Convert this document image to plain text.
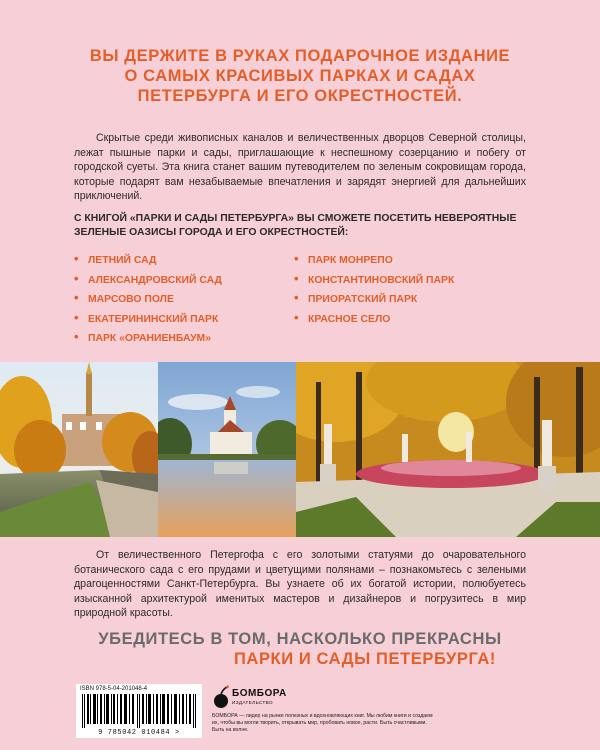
ВЫ ДЕРЖИТЕ В РУКАХ ПОДАРОЧНОЕ ИЗДАНИЕ
О САМЫХ КРАСИВЫХ ПАРКАХ И САДАХ
ПЕТЕРБУРГА И ЕГО ОКРЕСТНОСТЕЙ.

Скрытые среди живописных каналов и величественных дворцов Северной столицы, лежат пышные парки и сады, приглашающие к неспешному созерцанию и побегу от городской суеты. Эта книга станет вашим путеводителем по зеленым сокровищам города, которые подарят вам незабываемые впечатления и зарядят энергией для дальнейших приключений.

С КНИГОЙ «ПАРКИ И САДЫ ПЕТЕРБУРГА» ВЫ СМОЖЕТЕ ПОСЕТИТЬ НЕВЕРОЯТНЫЕ ЗЕЛЕНЫЕ ОАЗИСЫ ГОРОДА И ЕГО ОКРЕСТНОСТЕЙ:

• ЛЕТНИЙ САД
• АЛЕКСАНДРОВСКИЙ САД
• МАРСОВО ПОЛЕ
• ЕКАТЕРИНИНСКИЙ ПАРК
• ПАРК «ОРАНИЕНБАУМ»
• ПАРК МОНРЕПО
• КОНСТАНТИНОВСКИЙ ПАРК
• ПРИОРАТСКИЙ ПАРК
• КРАСНОЕ СЕЛО

От величественного Петергофа с его золотыми статуями до очаровательного ботанического сада с его прудами и цветущими полянами – познакомьтесь с зелеными драгоценностями Санкт-Петербурга. Вы узнаете об их богатой истории, полюбуетесь изысканной архитектурой именитых мастеров и дизайнеров и погрузитесь в мир природной красоты.

УБЕДИТЕСЬ В ТОМ, НАСКОЛЬКО ПРЕКРАСНЫ
ПАРКИ И САДЫ ПЕТЕРБУРГА!
ISBN 978-5-04-201048-4
9 785042 010484 >
БОМБОРА
ИЗДАТЕЛЬСТВО

БОМБОРА — лидер на рынке полезных и вдохновляющих книг. Мы любим книги и создаем их, чтобы вы могли творить, открывать мир, пробовать новое, расти. Быть счастливыми. Быть на волне.
